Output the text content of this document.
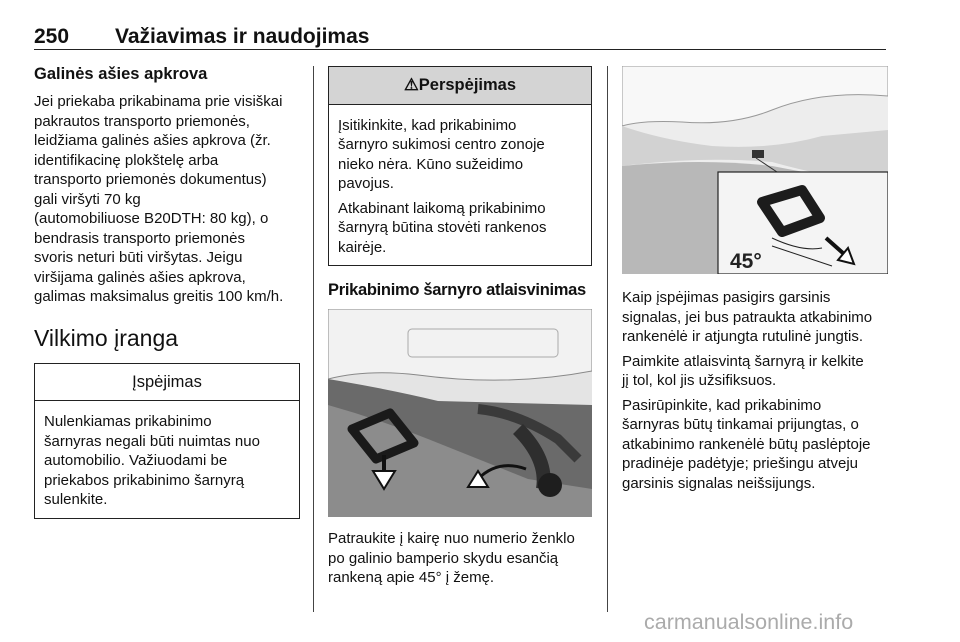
250 Važiavimas ir naudojimas
Galinės ašies apkrova

Jei priekaba prikabinama prie visiškai
pakrautos transporto priemonės,
leidžiama galinės ašies apkrova (žr.
identifikacinę plokštelę arba
transporto priemonės dokumentus)
gali viršyti 70 kg
(automobiliuose B20DTH: 80 kg), o
bendrasis transporto priemonės
svoris neturi būti viršytas. Jeigu
viršijama galinės ašies apkrova,
galimas maksimalus greitis 100 km/h.

Vilkimo įranga
Įspėjimas

Nulenkiamas prikabinimo
šarnyras negali būti nuimtas nuo
automobilio. Važiuodami be
priekabos prikabinimo šarnyrą
sulenkite.

⚠Perspėjimas

Įsitikinkite, kad prikabinimo
šarnyro sukimosi centro zonoje
nieko nėra. Kūno sužeidimo
pavojus.

Atkabinant laikomą prikabinimo
šarnyrą būtina stovėti rankenos
kairėje.

Prikabinimo šarnyro atlaisvinimas

Patraukite į kairę nuo numerio ženklo
po galinio bamperio skydu esančią
rankeną apie 45° į žemę.

45°

Kaip įspėjimas pasigirs garsinis
signalas, jei bus patraukta atkabinimo
rankenėlė ir atjungta rutulinė jungtis.

Paimkite atlaisvintą šarnyrą ir kelkite
jį tol, kol jis užsifiksuos.

Pasirūpinkite, kad prikabinimo
šarnyras būtų tinkamai prijungtas, o
atkabinimo rankenėlė būtų paslėptoje
pradinėje padėtyje; priešingu atveju
garsinis signalas neišsijungs.

carmanualsonline.info
